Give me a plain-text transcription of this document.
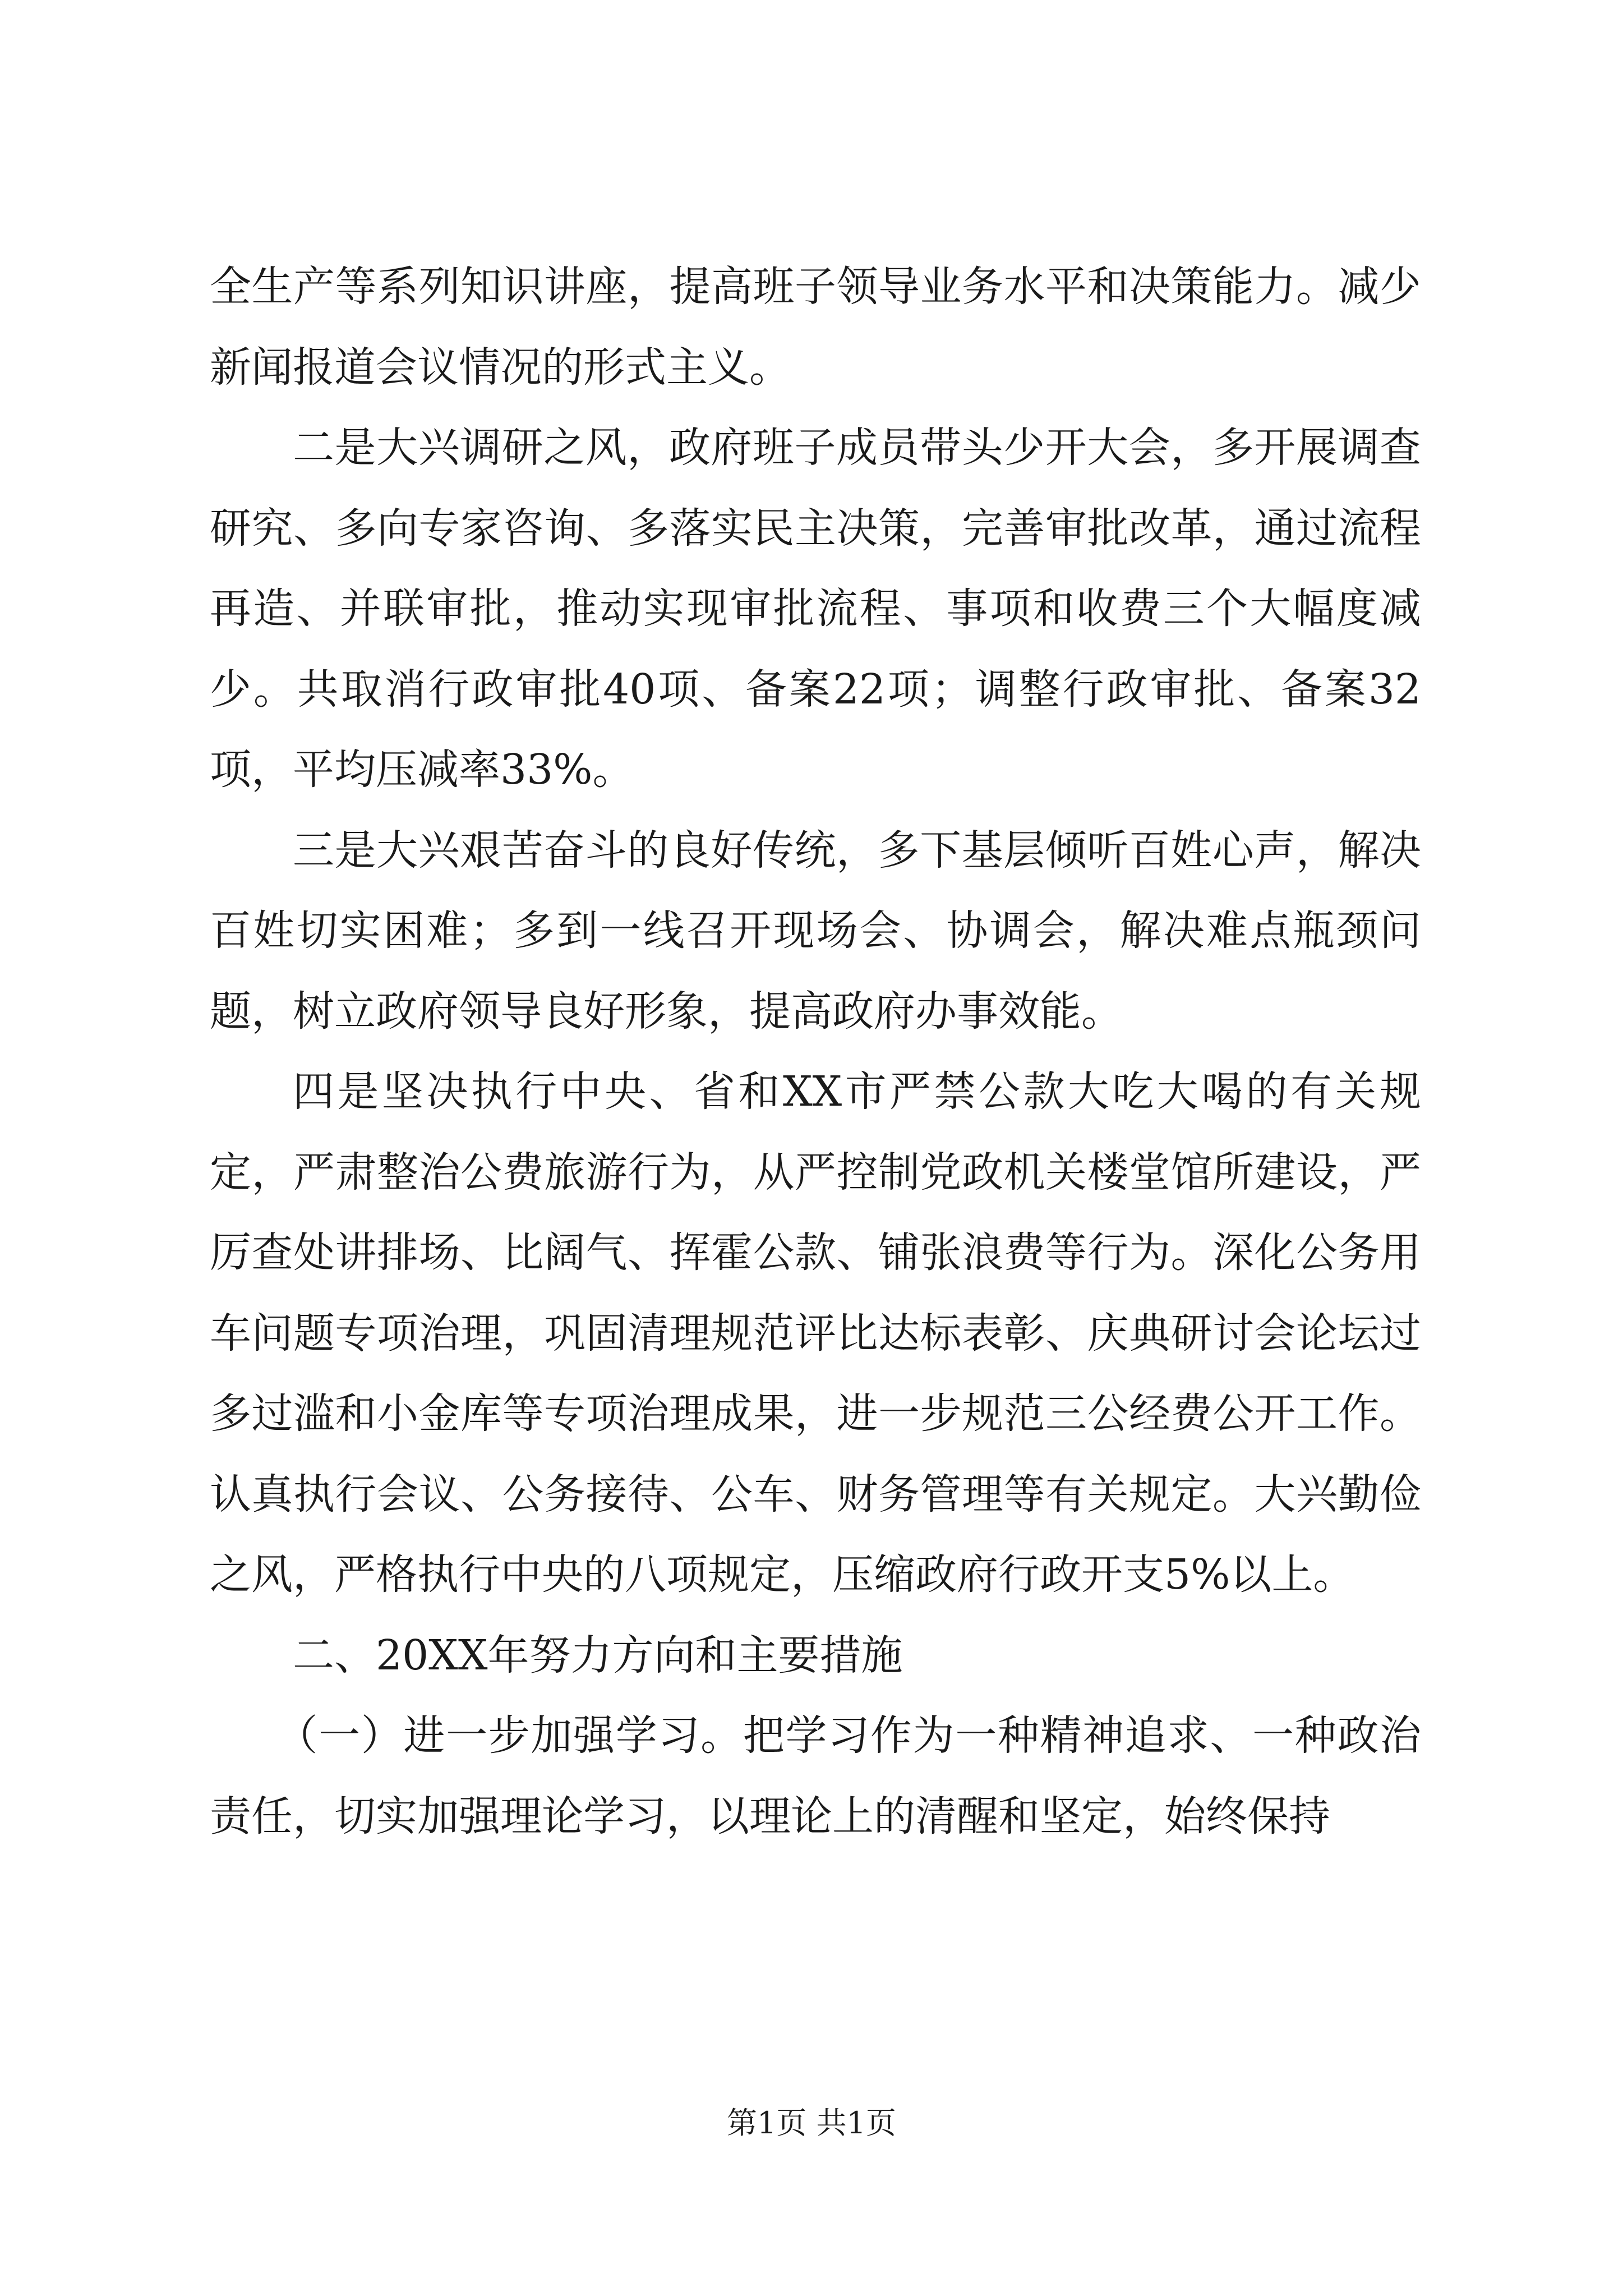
全生产等系列知识讲座，提高班子领导业务水平和决策能力。减少新闻报道会议情况的形式主义。

二是大兴调研之风，政府班子成员带头少开大会，多开展调查研究、多向专家咨询、多落实民主决策，完善审批改革，通过流程再造、并联审批，推动实现审批流程、事项和收费三个大幅度减少。共取消行政审批40项、备案22项；调整行政审批、备案32项，平均压减率33%。

三是大兴艰苦奋斗的良好传统，多下基层倾听百姓心声，解决百姓切实困难；多到一线召开现场会、协调会，解决难点瓶颈问题，树立政府领导良好形象，提高政府办事效能。

四是坚决执行中央、省和XX市严禁公款大吃大喝的有关规定，严肃整治公费旅游行为，从严控制党政机关楼堂馆所建设，严厉查处讲排场、比阔气、挥霍公款、铺张浪费等行为。深化公务用车问题专项治理，巩固清理规范评比达标表彰、庆典研讨会论坛过多过滥和小金库等专项治理成果，进一步规范三公经费公开工作。认真执行会议、公务接待、公车、财务管理等有关规定。大兴勤俭之风，严格执行中央的八项规定，压缩政府行政开支5%以上。

二、20XX年努力方向和主要措施

（一）进一步加强学习。把学习作为一种精神追求、一种政治责任，切实加强理论学习，以理论上的清醒和坚定，始终保持

第1页 共1页
